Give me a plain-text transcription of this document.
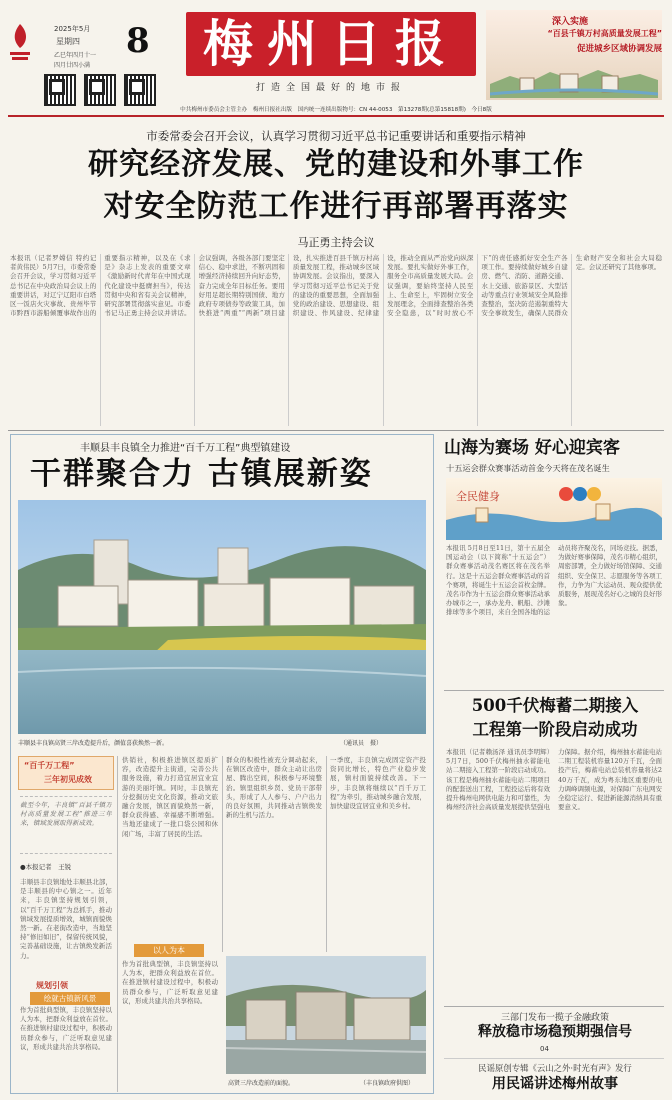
2025年5月
星期四
乙巳年四月十一
四月廿四小满
8	梅州日报
打造全国最好的地市报
深入实施
“百县千镇万村高质量发展工程”
促进城乡区域协调发展
中共梅州市委员会主管主办　梅州日报社出版　国内统一连续出版物号：CN 44-0053　第13278期(总第15818期)　今日8版
市委常委会召开会议，认真学习贯彻习近平总书记重要讲话和重要指示精神
研究经济发展、党的建设和外事工作
对安全防范工作进行再部署再落实
马正勇主持会议
本报讯（记者罗嫦信 特约记者黄伟民）5月7日，市委常委会召开会议，学习贯彻习近平总书记在中央政治局会议上的重要讲话，对辽宁辽阳市白塔区一饭店火灾事故、贵州毕节市黔西市游船倾覆事故作出的重要指示精神，以及在《求是》杂志上发表的重要文章《激励新时代青年在中国式现代化建设中挺膺担当》，传达贯彻中央和省有关会议精神，研究部署贯彻落实意见。市委书记马正勇主持会议并讲话。会议强调，各级各部门要坚定信心、稳中求进，不断巩固和增强经济持续回升向好态势，奋力完成全年目标任务。要用好用足超长期特别国债、地方政府专项债券等政策工具，加快推进“两重”“两新”项目建设，扎实推进百县千镇万村高质量发展工程，推动城乡区域协调发展。会议指出，要深入学习贯彻习近平总书记关于党的建设的重要思想，全面加强党的政治建设、思想建设、组织建设、作风建设、纪律建设，推动全面从严治党向纵深发展。要扎实做好外事工作，服务全市高质量发展大局。会议强调，要始终坚持人民至上、生命至上，牢固树立安全发展理念，全面排查整治各类安全隐患，以“时时放心不下”的责任感抓好安全生产各项工作。要持续做好城乡自建房、燃气、消防、道路交通、水上交通、旅游景区、大型活动等重点行业领域安全风险排查整治，坚决防范遏制重特大安全事故发生，确保人民群众生命财产安全和社会大局稳定。会议还研究了其他事项。
丰顺县丰良镇全力推进“百千万工程”典型镇建设
干群聚合力 古镇展新姿
丰顺县丰良镇高贤三岸改造提升后，颜值喜获焕然一新。	（通讯员　摄）
“百千万工程”
三年初见成效
截至今年，丰良镇“百县千镇万村高质量发展工程”推进三年来，镇域发展取得新成效。
●本报记者　王锐
丰顺县丰良镇地处丰顺县北部，是丰顺县的中心镇之一。近年来，丰良镇坚持规划引领，以“百千万工程”为总抓手，推动镇域发展提质增效，城镇面貌焕然一新。在老街改造中，当地坚持“修旧如旧”，保留传统风貌，完善基础设施，让古镇焕发新活力。
规划引领
绘就古镇新风景
作为首批典型镇，丰良镇坚持以人为本，把群众利益放在首位。在推进镇村建设过程中，积极动员群众参与，广泛听取意见建议，形成共建共治共享格局。
供销社，积极推进镇区提质扩容，改造提升主街道，完善公共服务设施，着力打造宜居宜业宜游的美丽圩镇。同时，丰良镇充分挖掘历史文化资源，推动文旅融合发展，镇区面貌焕然一新，群众获得感、幸福感不断增强。当地还建成了一批口袋公园和休闲广场，丰富了居民的生活。
以人为本
作为首批典型镇，丰良镇坚持以人为本，把群众利益放在首位。在推进镇村建设过程中，积极动员群众参与，广泛听取意见建议，形成共建共治共享格局。
群众的积极性被充分调动起来，在镇区改造中，群众主动让出房屋、腾出空间，积极参与环境整治。镇里组织乡贤、党员干部带头，形成了人人参与、户户出力的良好氛围，共同推动古镇焕发新的生机与活力。
一季度，丰良镇完成固定资产投资同比增长，特色产业稳步发展，镇村面貌持续改善。下一步，丰良镇将继续以“百千万工程”为牵引，推动城乡融合发展，加快建设宜居宜业和美乡村。
高贤三岸改造前的面貌。	（丰良镇政府供图）
山海为赛场 好心迎宾客
十五运会群众赛事活动首金今天将在茂名诞生
全民健身
本报讯 5月8日至11日，第十五届全国运动会（以下简称“十五运会”）群众赛事活动茂名赛区将在茂名举行。这是十五运会群众赛事活动的首个赛项，将诞生十五运会首枚金牌。茂名市作为十五运会群众赛事活动承办城市之一，承办龙舟、帆船、沙滩排球等多个项目，来自全国各地的运动员将齐聚茂名，同场竞技。据悉，为做好赛事保障，茂名市精心组织，周密部署，全力做好场馆保障、交通组织、安全保卫、志愿服务等各项工作，力争为广大运动员、观众提供优质服务，展现茂名好心之城的良好形象。
500千伏梅蓄二期接入
工程第一阶段启动成功
本报讯（记者赖汤泽 通讯员李明辉）5月7日，500千伏梅州抽水蓄能电站二期接入工程第一阶段启动成功。该工程是梅州抽水蓄能电站二期项目的配套送出工程，工程投运后将有效提升梅州电网供电能力和可靠性，为梅州经济社会高质量发展提供坚强电力保障。据介绍，梅州抽水蓄能电站二期工程装机容量120万千瓦，全面投产后，梅蓄电站总装机容量将达240万千瓦，成为粤东地区重要的电力调峰调频电源，对保障广东电网安全稳定运行、促进新能源消纳具有重要意义。
三部门发布一揽子金融政策
释放稳市场稳预期强信号
04
民谣原创专辑《云山之外·时光有声》发行
用民谣讲述梅州故事
